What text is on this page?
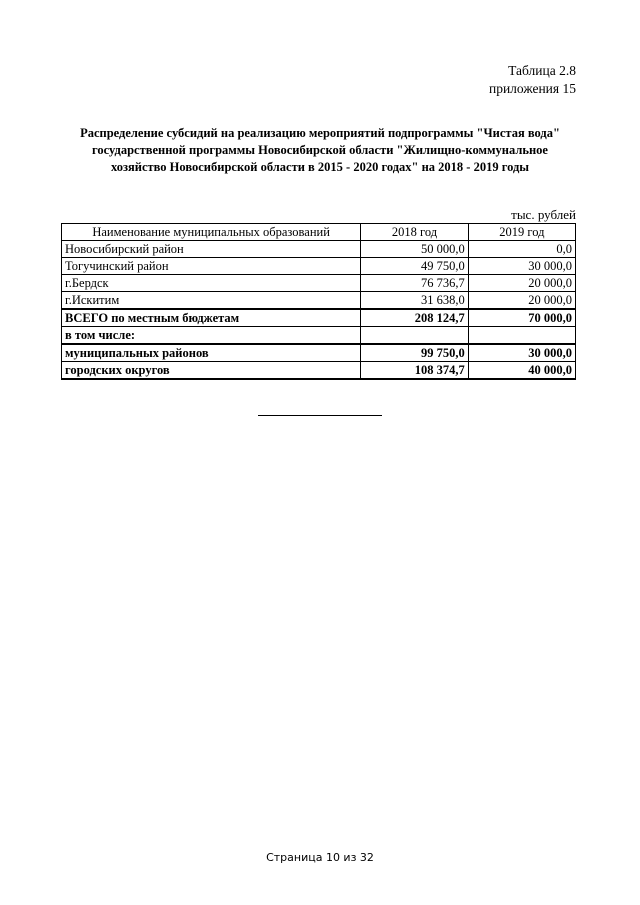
Таблица 2.8
приложения 15
Распределение субсидий на реализацию мероприятий подпрограммы "Чистая вода"
государственной программы Новосибирской области "Жилищно-коммунальное
хозяйство Новосибирской области в 2015 - 2020 годах" на 2018 - 2019 годы
тыс. рублей
Наименование муниципальных образований	2018 год	2019 год
Новосибирский район	50 000,0	0,0
Тогучинский район	49 750,0	30 000,0
г.Бердск	76 736,7	20 000,0
г.Искитим	31 638,0	20 000,0
ВСЕГО по местным бюджетам	208 124,7	70 000,0
в том числе:		
муниципальных районов	99 750,0	30 000,0
городских округов	108 374,7	40 000,0
Страница 10 из 32
